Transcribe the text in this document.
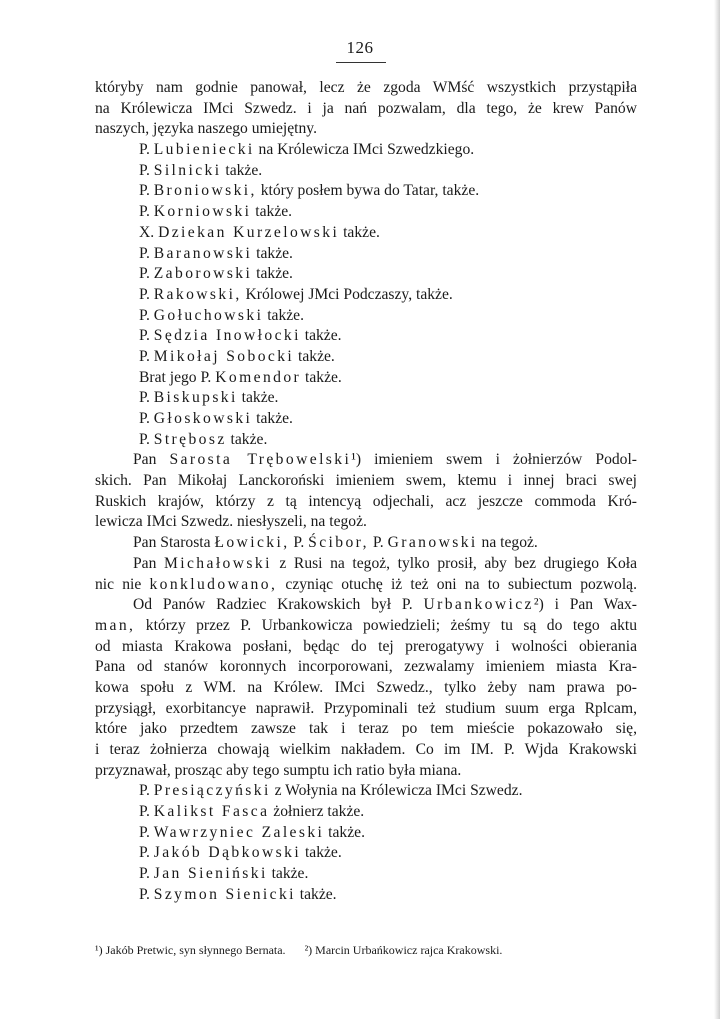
126
któryby nam godnie panował, lecz że zgoda WMść wszystkich przystąpiła
na Królewicza IMci Szwedz. i ja nań pozwalam, dla tego, że krew Panów
naszych, języka naszego umiejętny.
P. Lubieniecki na Królewicza IMci Szwedzkiego.
P. Silnicki także.
P. Broniowski, który posłem bywa do Tatar, także.
P. Korniowski także.
X. Dziekan Kurzelowski także.
P. Baranowski także.
P. Zaborowski także.
P. Rakowski, Królowej JMci Podczaszy, także.
P. Gołuchowski także.
P. Sędzia Inowłocki także.
P. Mikołaj Sobocki także.
Brat jego P. Komendor także.
P. Biskupski także.
P. Głoskowski także.
P. Strębosz także.
Pan Sarosta Trębowelski¹) imieniem swem i żołnierzów Podol-
skich. Pan Mikołaj Lanckoroński imieniem swem, ktemu i innej braci swej
Ruskich krajów, którzy z tą intencyą odjechali, acz jeszcze commoda Kró-
lewicza IMci Szwedz. niesłyszeli, na tegoż.
Pan Starosta Łowicki, P. Ścibor, P. Granowski na tegoż.
Pan Michałowski z Rusi na tegoż, tylko prosił, aby bez drugiego Koła
nic nie konkludowano, czyniąc otuchę iż też oni na to subiectum pozwolą.
Od Panów Radziec Krakowskich był P. Urbankowicz²) i Pan Wax-
man, którzy przez P. Urbankowicza powiedzieli; żeśmy tu są do tego aktu
od miasta Krakowa posłani, będąc do tej prerogatywy i wolności obierania
Pana od stanów koronnych incorporowani, zezwalamy imieniem miasta Kra-
kowa społu z WM. na Królew. IMci Szwedz., tylko żeby nam prawa po-
przysiągł, exorbitancye naprawił. Przypominali też studium suum erga Rplcam,
które jako przedtem zawsze tak i teraz po tem mieście pokazowało się,
i teraz żołnierza chowają wielkim nakładem. Co im IM. P. Wjda Krakowski
przyznawał, prosząc aby tego sumptu ich ratio była miana.
P. Presiączyński z Wołynia na Królewicza IMci Szwedz.
P. Kalikst Fasca żołnierz także.
P. Wawrzyniec Zaleski także.
P. Jakób Dąbkowski także.
P. Jan Sieniński także.
P. Szymon Sienicki także.
¹) Jakób Pretwic, syn słynnego Bernata. ²) Marcin Urbańkowicz rajca Krakowski.
